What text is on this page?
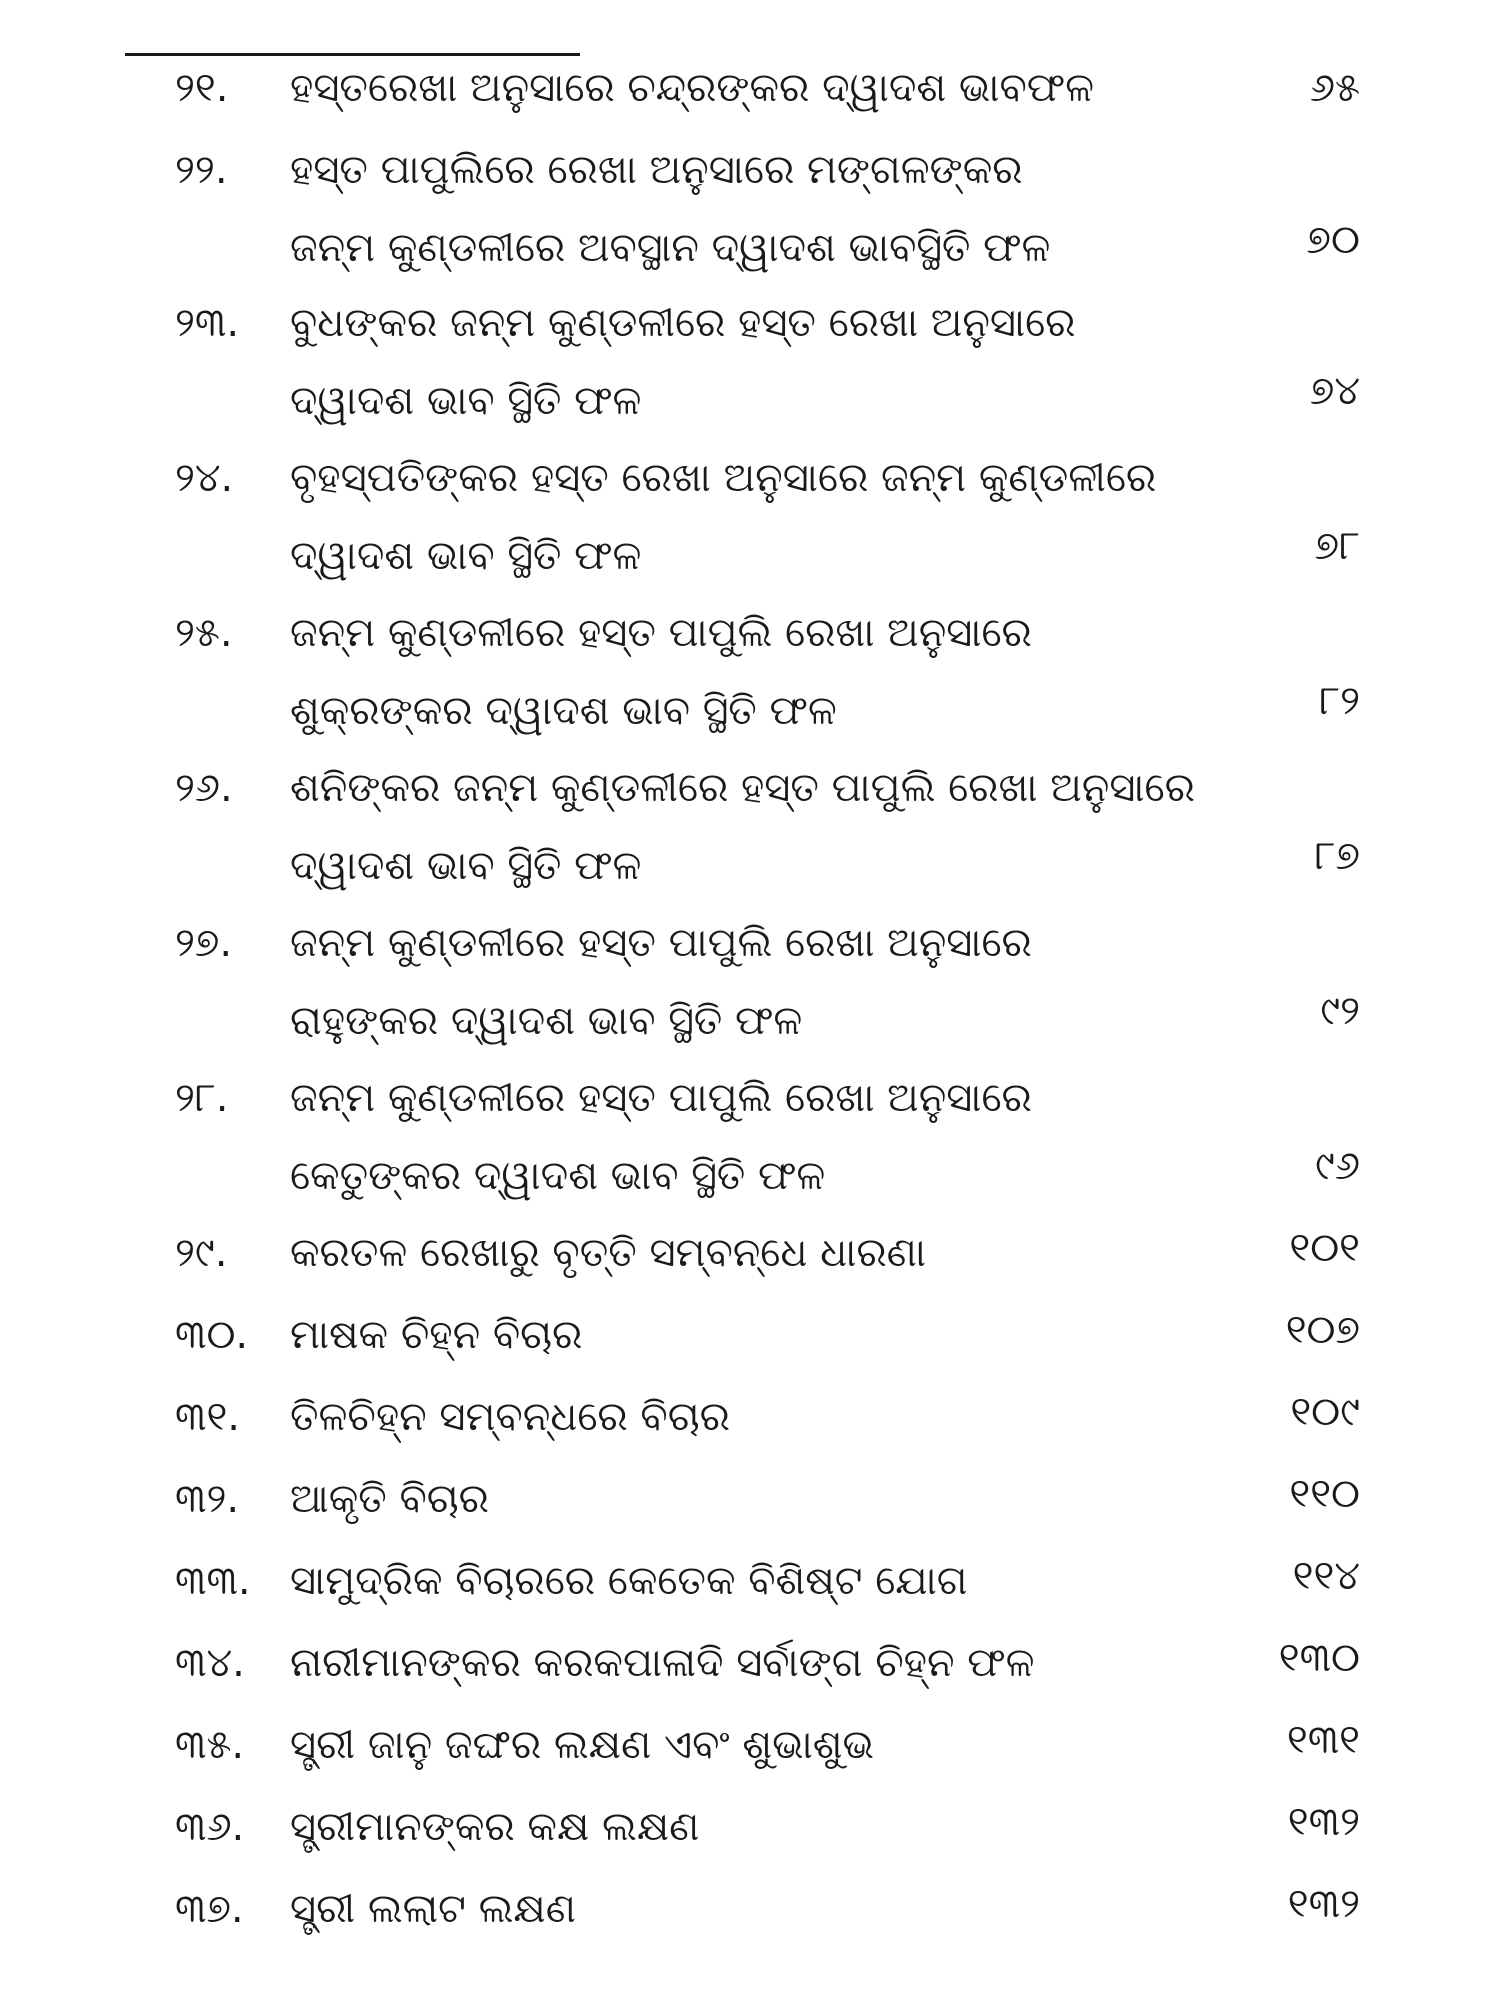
୨୧. ହସ୍ତରେଖା ଅନୁସାରେ ଚନ୍ଦ୍ରଙ୍କର ଦ୍ୱାଦଶ ଭାବଫଳ	୬୫
୨୨. ହସ୍ତ ପାପୁଲିରେ ରେଖା ଅନୁସାରେ ମଙ୍ଗଳଙ୍କର
ଜନ୍ମ କୁଣ୍ଡଳୀରେ ଅବସ୍ଥାନ ଦ୍ୱାଦଶ ଭାବସ୍ଥିତି ଫଳ	୭୦
୨୩. ବୁଧଙ୍କର ଜନ୍ମ କୁଣ୍ଡଳୀରେ ହସ୍ତ ରେଖା ଅନୁସାରେ
ଦ୍ୱାଦଶ ଭାବ ସ୍ଥିତି ଫଳ	୭୪
୨୪. ବୃହସ୍ପତିଙ୍କର ହସ୍ତ ରେଖା ଅନୁସାରେ ଜନ୍ମ କୁଣ୍ଡଳୀରେ
ଦ୍ୱାଦଶ ଭାବ ସ୍ଥିତି ଫଳ	୭୮
୨୫. ଜନ୍ମ କୁଣ୍ଡଳୀରେ ହସ୍ତ ପାପୁଲି ରେଖା ଅନୁସାରେ
ଶୁକ୍ରଙ୍କର ଦ୍ୱାଦଶ ଭାବ ସ୍ଥିତି ଫଳ	୮୨
୨୬. ଶନିଙ୍କର ଜନ୍ମ କୁଣ୍ଡଳୀରେ ହସ୍ତ ପାପୁଲି ରେଖା ଅନୁସାରେ
ଦ୍ୱାଦଶ ଭାବ ସ୍ଥିତି ଫଳ	୮୭
୨୭. ଜନ୍ମ କୁଣ୍ଡଳୀରେ ହସ୍ତ ପାପୁଲି ରେଖା ଅନୁସାରେ
ରାହୁଙ୍କର ଦ୍ୱାଦଶ ଭାବ ସ୍ଥିତି ଫଳ	୯୨
୨୮. ଜନ୍ମ କୁଣ୍ଡଳୀରେ ହସ୍ତ ପାପୁଲି ରେଖା ଅନୁସାରେ
କେତୁଙ୍କର ଦ୍ୱାଦଶ ଭାବ ସ୍ଥିତି ଫଳ	୯୬
୨୯. କରତଳ ରେଖାରୁ ବୃତ୍ତି ସମ୍ବନ୍ଧେ ଧାରଣା	୧୦୧
୩୦. ମାଷକ ଚିହ୍ନ ବିଚାର	୧୦୭
୩୧. ତିଳଚିହ୍ନ ସମ୍ବନ୍ଧରେ ବିଚାର	୧୦୯
୩୨. ଆକୃତି ବିଚାର	୧୧୦
୩୩. ସାମୁଦ୍ରିକ ବିଚାରରେ କେତେକ ବିଶିଷ୍ଟ ଯୋଗ	୧୧୪
୩୪. ନାରୀମାନଙ୍କର କରକପାଳାଦି ସର୍ବାଙ୍ଗ ଚିହ୍ନ ଫଳ	୧୩୦
୩୫. ସ୍ତ୍ରୀ ଜାନୁ ଜଙ୍ଘର ଲକ୍ଷଣ ଏବଂ ଶୁଭାଶୁଭ	୧୩୧
୩୬. ସ୍ତ୍ରୀମାନଙ୍କର କକ୍ଷ ଲକ୍ଷଣ	୧୩୨
୩୭. ସ୍ତ୍ରୀ ଲଲାଟ ଲକ୍ଷଣ	୧୩୨
